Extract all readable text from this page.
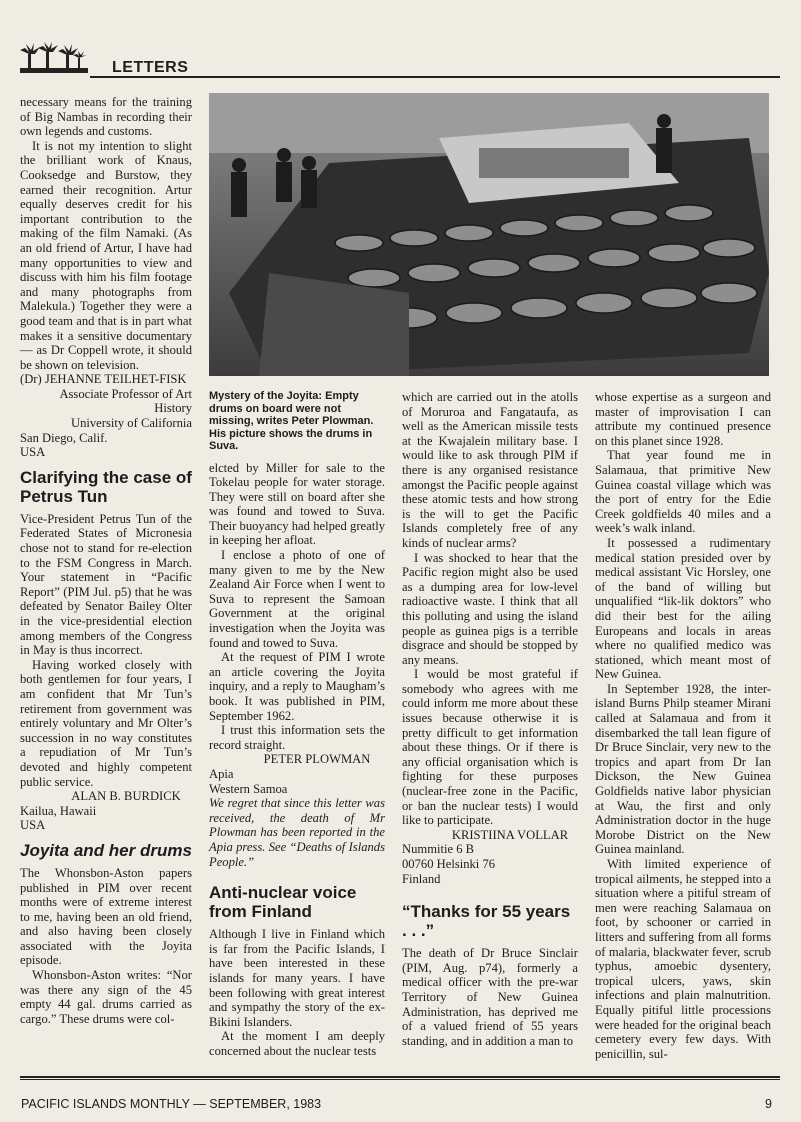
LETTERS

necessary means for the training of Big Nambas in recording their own legends and customs.

It is not my intention to slight the brilliant work of Knaus, Cooksedge and Burstow, they earned their recognition. Artur equally deserves credit for his important contribution to the making of the film Namaki. (As an old friend of Artur, I have had many opportunities to view and discuss with him his film footage and many photographs from Malekula.) Together they were a good team and that is in part what makes it a sensitive documentary — as Dr Coppell wrote, it should be shown on television.

(Dr) JEHANNE TEILHET-FISK

Associate Professor of Art

History

University of California

San Diego, Calif.

USA

Clarifying the case of Petrus Tun

Vice-President Petrus Tun of the Federated States of Micronesia chose not to stand for re-election to the FSM Congress in March. Your statement in “Pacific Report” (PIM Jul. p5) that he was defeated by Senator Bailey Olter in the vice-presidential election among members of the Congress in May is thus incorrect.

Having worked closely with both gentlemen for four years, I am confident that Mr Tun’s retirement from government was entirely voluntary and Mr Olter’s succession in no way constitutes a repudiation of Mr Tun’s devoted and highly competent public service.

ALAN B. BURDICK

Kailua, Hawaii

USA

Joyita and her drums

The Whonsbon-Aston papers published in PIM over recent months were of extreme interest to me, having been an old friend, and also having been closely associated with the Joyita episode.

Whonsbon-Aston writes: “Nor was there any sign of the 45 empty 44 gal. drums carried as cargo.” These drums were col-

Mystery of the Joyita: Empty drums on board were not missing, writes Peter Plowman. His picture shows the drums in Suva.

elcted by Miller for sale to the Tokelau people for water storage. They were still on board after she was found and towed to Suva. Their buoyancy had helped greatly in keeping her afloat.

I enclose a photo of one of many given to me by the New Zealand Air Force when I went to Suva to represent the Samoan Government at the original investigation when the Joyita was found and towed to Suva.

At the request of PIM I wrote an article covering the Joyita inquiry, and a reply to Maugham’s book. It was published in PIM, September 1962.

I trust this information sets the record straight.

PETER PLOWMAN

Apia

Western Samoa

We regret that since this letter was received, the death of Mr Plowman has been reported in the Apia press. See “Deaths of Islands People.”

Anti-nuclear voice from Finland

Although I live in Finland which is far from the Pacific Islands, I have been interested in these islands for many years. I have been following with great interest and sympathy the story of the ex-Bikini Islanders.

At the moment I am deeply concerned about the nuclear tests

which are carried out in the atolls of Moruroa and Fangataufa, as well as the American missile tests at the Kwajalein military base. I would like to ask through PIM if there is any organised resistance amongst the Pacific people against these atomic tests and how strong is the will to get the Pacific Islands completely free of any kinds of nuclear arms?

I was shocked to hear that the Pacific region might also be used as a dumping area for low-level radioactive waste. I think that all this polluting and using the island people as guinea pigs is a terrible disgrace and should be stopped by any means.

I would be most grateful if somebody who agrees with me could inform me more about these issues because otherwise it is pretty difficult to get information about these things. Or if there is any official organisation which is fighting for these purposes (nuclear-free zone in the Pacific, or ban the nuclear tests) I would like to participate.

KRISTIINA VOLLAR

Nummitie 6 B

00760 Helsinki 76

Finland

“Thanks for 55 years . . .”

The death of Dr Bruce Sinclair (PIM, Aug. p74), formerly a medical officer with the pre-war Territory of New Guinea Administration, has deprived me of a valued friend of 55 years standing, and in addition a man to

whose expertise as a surgeon and master of improvisation I can attribute my continued presence on this planet since 1928.

That year found me in Salamaua, that primitive New Guinea coastal village which was the port of entry for the Edie Creek goldfields 40 miles and a week’s walk inland.

It possessed a rudimentary medical station presided over by medical assistant Vic Horsley, one of the band of willing but unqualified “lik-lik doktors” who did their best for the ailing Europeans and locals in areas where no qualified medico was stationed, which meant most of New Guinea.

In September 1928, the inter-island Burns Philp steamer Mirani called at Salamaua and from it disembarked the tall lean figure of Dr Bruce Sinclair, very new to the tropics and apart from Dr Ian Dickson, the New Guinea Goldfields native labor physician at Wau, the first and only Administration doctor in the huge Morobe District on the New Guinea mainland.

With limited experience of tropical ailments, he stepped into a situation where a pitiful stream of men were reaching Salamaua on foot, by schooner or carried in litters and suffering from all forms of malaria, blackwater fever, scrub typhus, amoebic dysentery, tropical ulcers, yaws, skin infections and plain malnutrition. Equally pitiful little processions were headed for the original beach cemetery every few days. With penicillin, sul-

PACIFIC ISLANDS MONTHLY — SEPTEMBER, 1983	9
